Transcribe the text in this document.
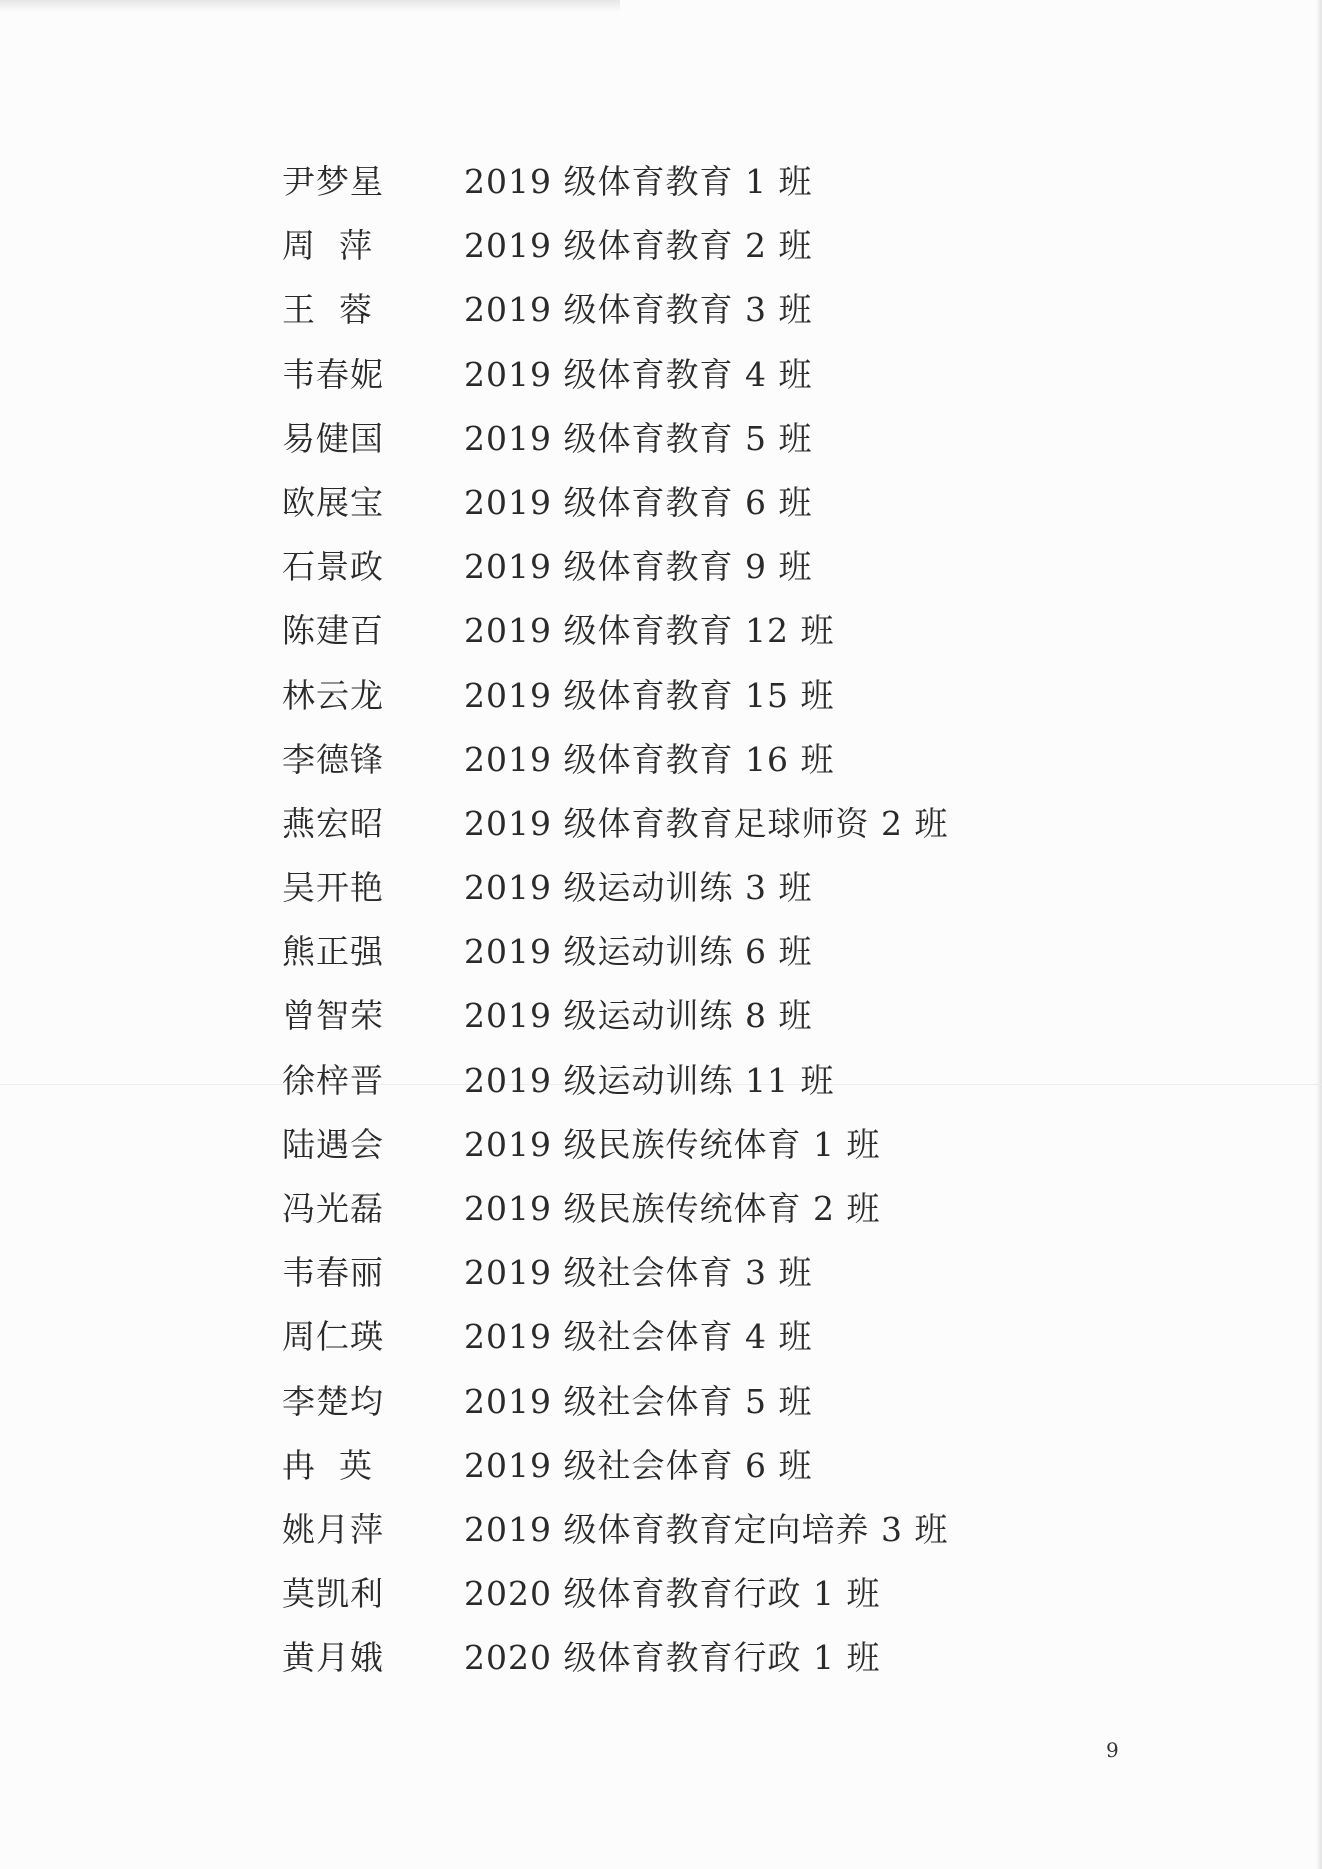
尹梦星	2019 级体育教育 1 班
周  萍	2019 级体育教育 2 班
王  蓉	2019 级体育教育 3 班
韦春妮	2019 级体育教育 4 班
易健国	2019 级体育教育 5 班
欧展宝	2019 级体育教育 6 班
石景政	2019 级体育教育 9 班
陈建百	2019 级体育教育 12 班
林云龙	2019 级体育教育 15 班
李德锋	2019 级体育教育 16 班
燕宏昭	2019 级体育教育足球师资 2 班
吴开艳	2019 级运动训练 3 班
熊正强	2019 级运动训练 6 班
曾智荣	2019 级运动训练 8 班
徐梓晋	2019 级运动训练 11 班
陆遇会	2019 级民族传统体育 1 班
冯光磊	2019 级民族传统体育 2 班
韦春丽	2019 级社会体育 3 班
周仁瑛	2019 级社会体育 4 班
李楚均	2019 级社会体育 5 班
冉  英	2019 级社会体育 6 班
姚月萍	2019 级体育教育定向培养 3 班
莫凯利	2020 级体育教育行政 1 班
黄月娥	2020 级体育教育行政 1 班
9
